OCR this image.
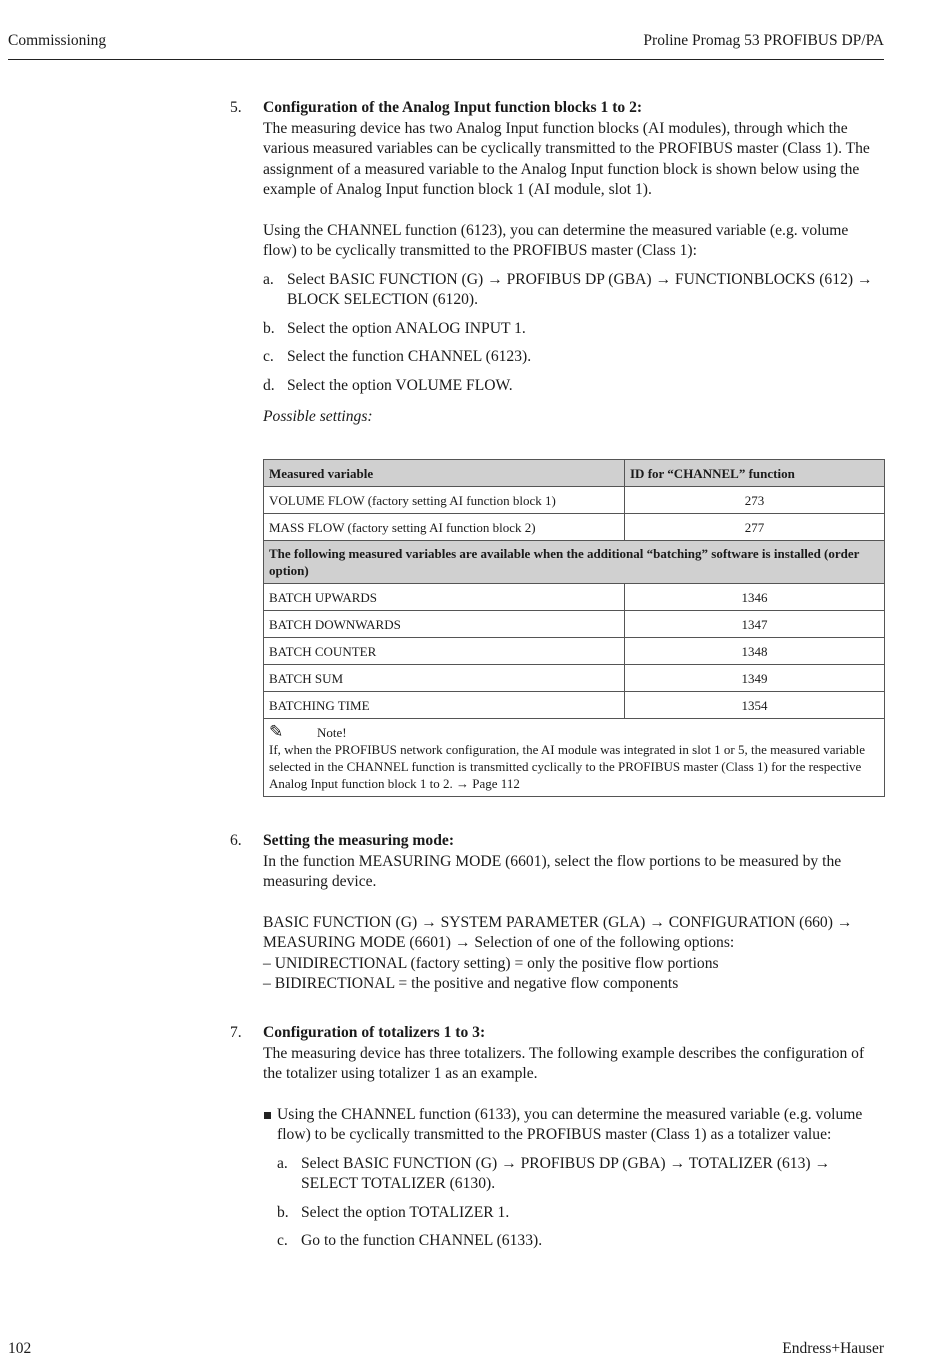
Commissioning	Proline Promag 53 PROFIBUS DP/PA
5. Configuration of the Analog Input function blocks 1 to 2:

The measuring device has two Analog Input function blocks (AI modules), through which the various measured variables can be cyclically transmitted to the PROFIBUS master (Class 1). The assignment of a measured variable to the Analog Input function block is shown below using the example of Analog Input function block 1 (AI module, slot 1).

Using the CHANNEL function (6123), you can determine the measured variable (e.g. volume flow) to be cyclically transmitted to the PROFIBUS master (Class 1):

a. Select BASIC FUNCTION (G) → PROFIBUS DP (GBA) → FUNCTIONBLOCKS (612) → BLOCK SELECTION (6120).
b. Select the option ANALOG INPUT 1.
c. Select the function CHANNEL (6123).
d. Select the option VOLUME FLOW.

Possible settings:

Measured variable	ID for “CHANNEL” function
VOLUME FLOW (factory setting AI function block 1)	273
MASS FLOW (factory setting AI function block 2)	277
The following measured variables are available when the additional “batching” software is installed (order option)	
BATCH UPWARDS	1346
BATCH DOWNWARDS	1347
BATCH COUNTER	1348
BATCH SUM	1349
BATCHING TIME	1354

✎ Note!
If, when the PROFIBUS network configuration, the AI module was integrated in slot 1 or 5, the measured variable selected in the CHANNEL function is transmitted cyclically to the PROFIBUS master (Class 1) for the respective Analog Input function block 1 to 2. → Page 112	
6. Setting the measuring mode:

In the function MEASURING MODE (6601), select the flow portions to be measured by the measuring device.

BASIC FUNCTION (G) → SYSTEM PARAMETER (GLA) → CONFIGURATION (660) → MEASURING MODE (6601) → Selection of one of the following options:

– UNIDIRECTIONAL (factory setting) = only the positive flow portions

– BIDIRECTIONAL = the positive and negative flow components

7. Configuration of totalizers 1 to 3:

The measuring device has three totalizers. The following example describes the configuration of the totalizer using totalizer 1 as an example.

Using the CHANNEL function (6133), you can determine the measured variable (e.g. volume flow) to be cyclically transmitted to the PROFIBUS master (Class 1) as a totalizer value:

a. Select BASIC FUNCTION (G) → PROFIBUS DP (GBA) → TOTALIZER (613) → SELECT TOTALIZER (6130).
b. Select the option TOTALIZER 1.
c. Go to the function CHANNEL (6133).
102	Endress+Hauser
